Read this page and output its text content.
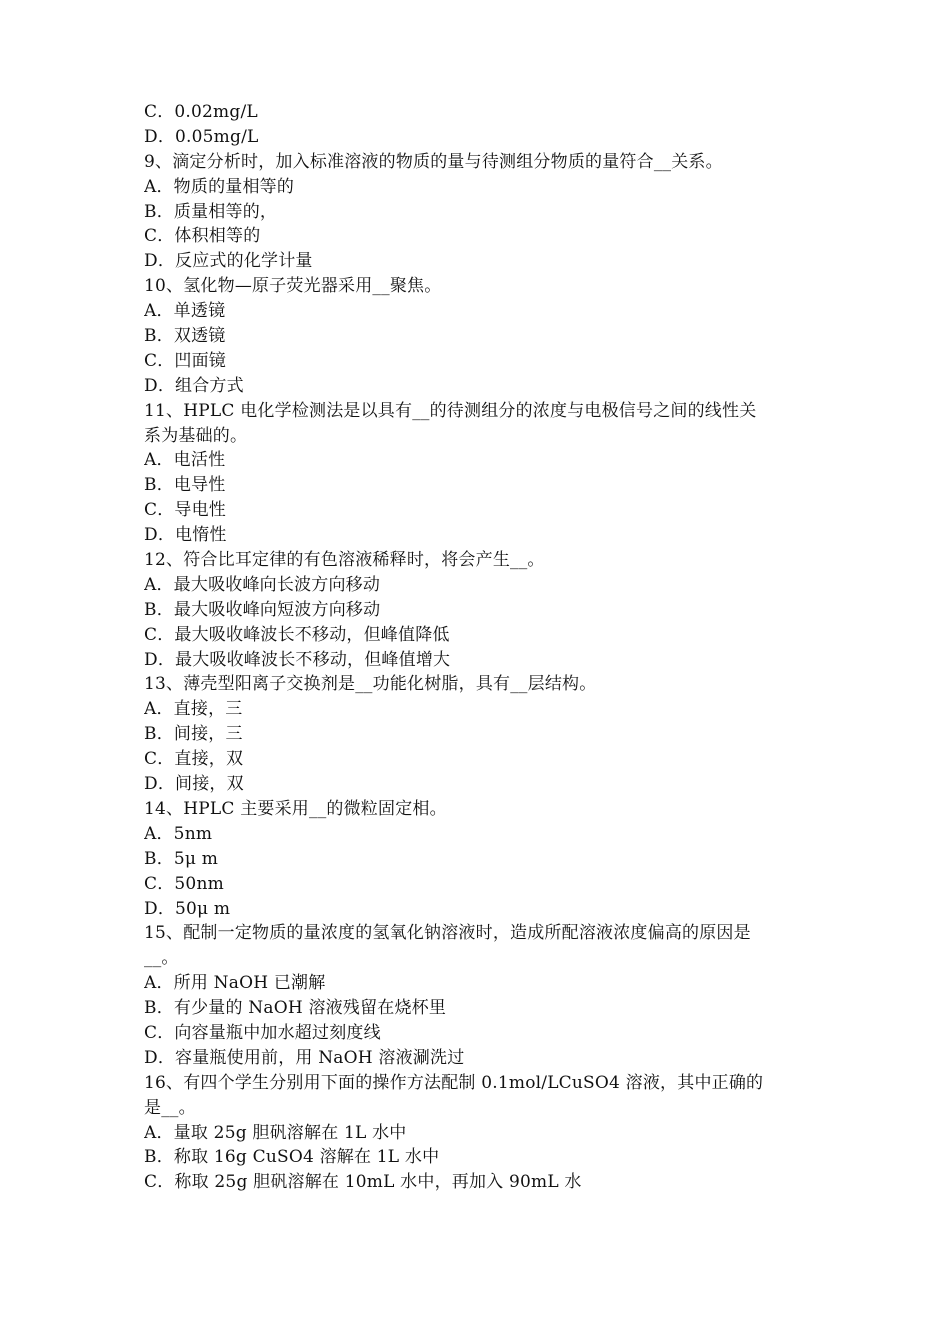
C．0.02mg/L
D．0.05mg/L
9、滴定分析时，加入标准溶液的物质的量与待测组分物质的量符合__关系。
A．物质的量相等的
B．质量相等的，
C．体积相等的
D．反应式的化学计量
10、氢化物—原子荧光器采用__聚焦。
A．单透镜
B．双透镜
C．凹面镜
D．组合方式
11、HPLC 电化学检测法是以具有__的待测组分的浓度与电极信号之间的线性关
系为基础的。
A．电活性
B．电导性
C．导电性
D．电惰性
12、符合比耳定律的有色溶液稀释时，将会产生__。
A．最大吸收峰向长波方向移动
B．最大吸收峰向短波方向移动
C．最大吸收峰波长不移动，但峰值降低
D．最大吸收峰波长不移动，但峰值增大
13、薄壳型阳离子交换剂是__功能化树脂，具有__层结构。
A．直接，三
B．间接，三
C．直接，双
D．间接，双
14、HPLC 主要采用__的微粒固定相。
A．5nm
B．5μ m
C．50nm
D．50μ m
15、配制一定物质的量浓度的氢氧化钠溶液时，造成所配溶液浓度偏高的原因是
__。
A．所用 NaOH 已潮解
B．有少量的 NaOH 溶液残留在烧杯里
C．向容量瓶中加水超过刻度线
D．容量瓶使用前，用 NaOH 溶液涮洗过
16、有四个学生分别用下面的操作方法配制 0.1mol/LCuSO4 溶液，其中正确的
是__。
A．量取 25g 胆矾溶解在 1L 水中
B．称取 16g CuSO4 溶解在 1L 水中
C．称取 25g 胆矾溶解在 10mL 水中，再加入 90mL 水
